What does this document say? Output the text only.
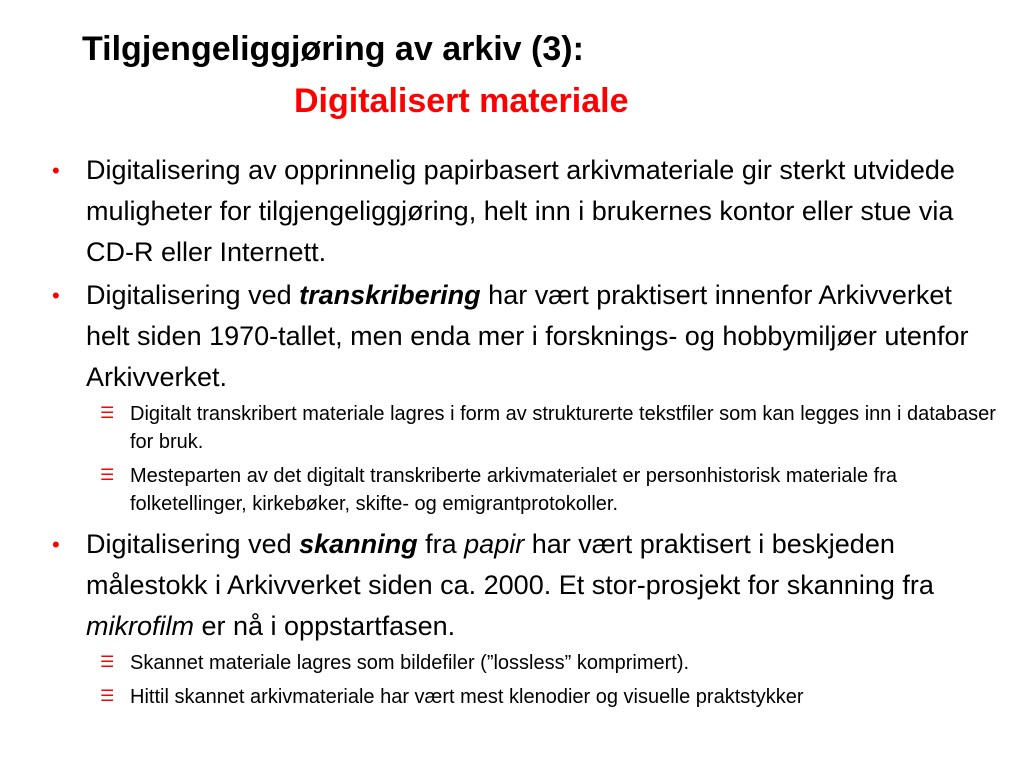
Tilgjengeliggjøring av arkiv (3):
Digitalisert materiale
• Digitalisering av opprinnelig papirbasert arkivmateriale gir sterkt utvidede muligheter for tilgjengeliggjøring, helt inn i brukernes kontor eller stue via CD-R eller Internett.
• Digitalisering ved transkribering har vært praktisert innenfor Arkivverket helt siden 1970-tallet, men enda mer i forsknings- og hobbymiljøer utenfor Arkivverket.
☰ Digitalt transkribert materiale lagres i form av strukturerte tekstfiler som kan legges inn i databaser for bruk.
☰ Mesteparten av det digitalt transkriberte arkivmaterialet er personhistorisk materiale fra folketellinger, kirkebøker, skifte- og emigrantprotokoller.
• Digitalisering ved skanning fra papir har vært praktisert i beskjeden målestokk i Arkivverket siden ca. 2000. Et stor-prosjekt for skanning fra mikrofilm er nå i oppstartfasen.
☰ Skannet materiale lagres som bildefiler (”lossless” komprimert).
☰ Hittil skannet arkivmateriale har vært mest klenodier og visuelle praktstykker
